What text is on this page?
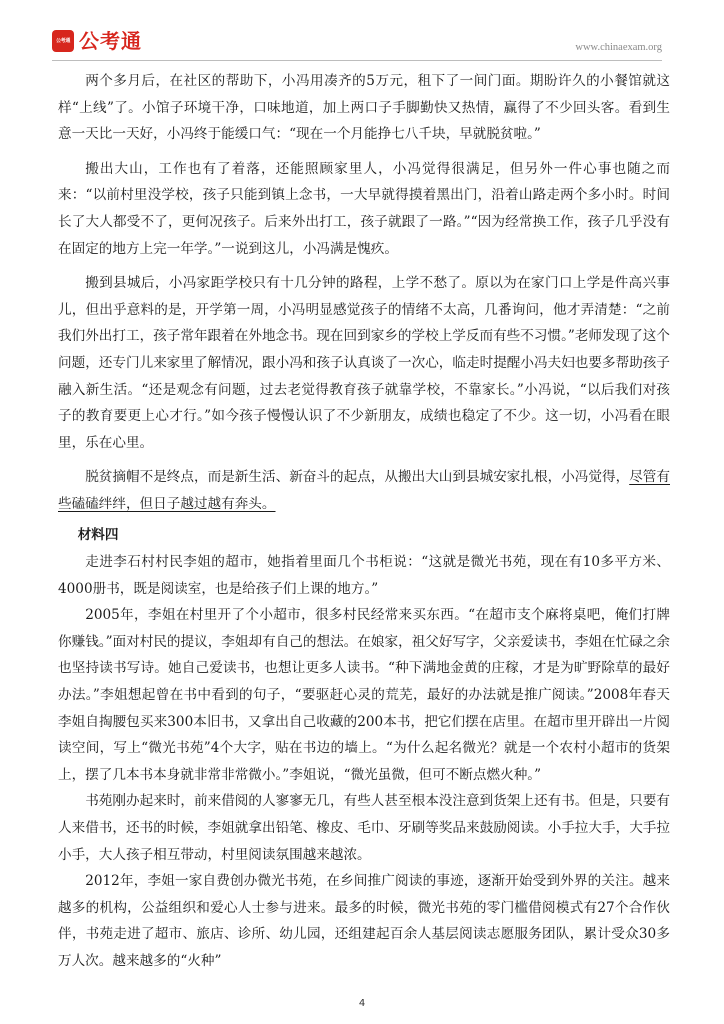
公考通 公考通	www.chinaexam.org

两个多月后，在社区的帮助下，小冯用凑齐的5万元，租下了一间门面。期盼许久的小餐馆就这样“上线”了。小馆子环境干净，口味地道，加上两口子手脚勤快又热情，赢得了不少回头客。看到生意一天比一天好，小冯终于能缓口气：“现在一个月能挣七八千块，早就脱贫啦。”

搬出大山，工作也有了着落，还能照顾家里人，小冯觉得很满足，但另外一件心事也随之而来：“以前村里没学校，孩子只能到镇上念书，一大早就得摸着黑出门，沿着山路走两个多小时。时间长了大人都受不了，更何况孩子。后来外出打工，孩子就跟了一路。”“因为经常换工作，孩子几乎没有在固定的地方上完一年学。”一说到这儿，小冯满是愧疚。

搬到县城后，小冯家距学校只有十几分钟的路程，上学不愁了。原以为在家门口上学是件高兴事儿，但出乎意料的是，开学第一周，小冯明显感觉孩子的情绪不太高，几番询问，他才弄清楚：“之前我们外出打工，孩子常年跟着在外地念书。现在回到家乡的学校上学反而有些不习惯。”老师发现了这个问题，还专门儿来家里了解情况，跟小冯和孩子认真谈了一次心，临走时提醒小冯夫妇也要多帮助孩子融入新生活。“还是观念有问题，过去老觉得教育孩子就靠学校，不靠家长。”小冯说，“以后我们对孩子的教育要更上心才行。”如今孩子慢慢认识了不少新朋友，成绩也稳定了不少。这一切，小冯看在眼里，乐在心里。

脱贫摘帽不是终点，而是新生活、新奋斗的起点，从搬出大山到县城安家扎根，小冯觉得，尽管有些磕磕绊绊，但日子越过越有奔头。

材料四

走进李石村村民李姐的超市，她指着里面几个书柜说：“这就是微光书苑，现在有10多平方米、4000册书，既是阅读室，也是给孩子们上课的地方。”

2005年，李姐在村里开了个小超市，很多村民经常来买东西。“在超市支个麻将桌吧，俺们打牌你赚钱。”面对村民的提议，李姐却有自己的想法。在娘家，祖父好写字，父亲爱读书，李姐在忙碌之余也坚持读书写诗。她自己爱读书，也想让更多人读书。“种下满地金黄的庄稼，才是为旷野除草的最好办法。”李姐想起曾在书中看到的句子，“要驱赶心灵的荒芜，最好的办法就是推广阅读。”2008年春天李姐自掏腰包买来300本旧书，又拿出自己收藏的200本书，把它们摆在店里。在超市里开辟出一片阅读空间，写上“微光书苑”4个大字，贴在书边的墙上。“为什么起名微光？就是一个农村小超市的货架上，摆了几本书本身就非常非常微小。”李姐说，“微光虽微，但可不断点燃火种。”

书苑刚办起来时，前来借阅的人寥寥无几，有些人甚至根本没注意到货架上还有书。但是，只要有人来借书，还书的时候，李姐就拿出铅笔、橡皮、毛巾、牙刷等奖品来鼓励阅读。小手拉大手，大手拉小手，大人孩子相互带动，村里阅读氛围越来越浓。

2012年，李姐一家自费创办微光书苑，在乡间推广阅读的事迹，逐渐开始受到外界的关注。越来越多的机构，公益组织和爱心人士参与进来。最多的时候，微光书苑的零门槛借阅模式有27个合作伙伴，书苑走进了超市、旅店、诊所、幼儿园，还组建起百余人基层阅读志愿服务团队，累计受众30多万人次。越来越多的“火种”

4
